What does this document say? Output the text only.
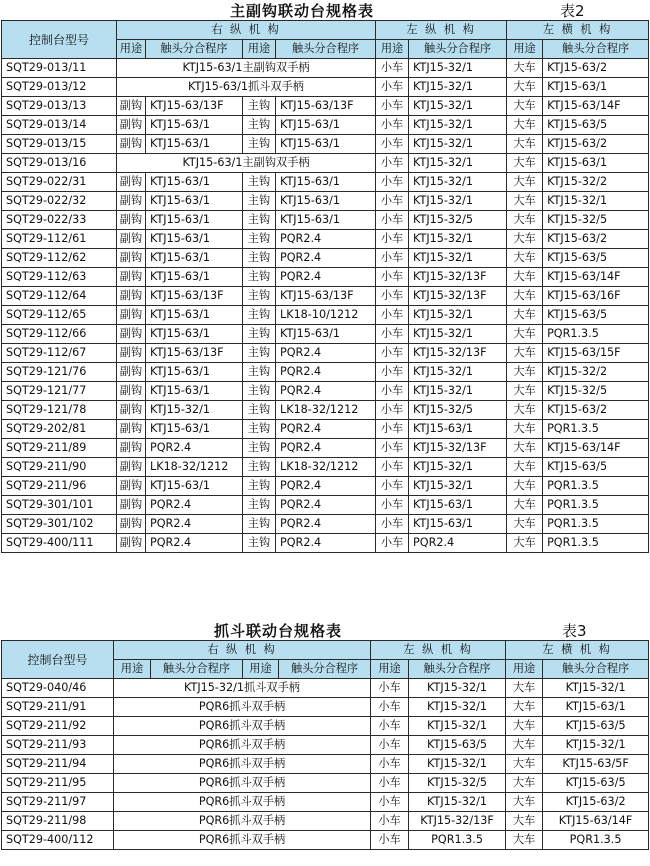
主副钩联动台规格表	表2
控制台型号	右 纵 机 构				左 纵 机 构		左 横 机 构	
	用途	触头分合程序	用途	触头分合程序	用途	触头分合程序	用途	触头分合程序
SQT29-013/11	KTJ15-63/1主副钩双手柄				小车	KTJ15-32/1	大车	KTJ15-63/2
SQT29-013/12	KTJ15-63/1抓斗双手柄				小车	KTJ15-32/1	大车	KTJ15-63/1
SQT29-013/13	副钩	KTJ15-63/13F	主钩	KTJ15-63/13F	小车	KTJ15-32/1	大车	KTJ15-63/14F
SQT29-013/14	副钩	KTJ15-63/1	主钩	KTJ15-63/1	小车	KTJ15-32/1	大车	KTJ15-63/5
SQT29-013/15	副钩	KTJ15-63/1	主钩	KTJ15-63/1	小车	KTJ15-32/1	大车	KTJ15-63/2
SQT29-013/16	KTJ15-63/1主副钩双手柄				小车	KTJ15-32/1	大车	KTJ15-63/1
SQT29-022/31	副钩	KTJ15-63/1	主钩	KTJ15-63/1	小车	KTJ15-32/1	大车	KTJ15-32/2
SQT29-022/32	副钩	KTJ15-63/1	主钩	KTJ15-63/1	小车	KTJ15-32/1	大车	KTJ15-32/1
SQT29-022/33	副钩	KTJ15-63/1	主钩	KTJ15-63/1	小车	KTJ15-32/5	大车	KTJ15-32/5
SQT29-112/61	副钩	KTJ15-63/1	主钩	PQR2.4	小车	KTJ15-32/1	大车	KTJ15-63/2
SQT29-112/62	副钩	KTJ15-63/1	主钩	PQR2.4	小车	KTJ15-32/1	大车	KTJ15-63/5
SQT29-112/63	副钩	KTJ15-63/1	主钩	PQR2.4	小车	KTJ15-32/13F	大车	KTJ15-63/14F
SQT29-112/64	副钩	KTJ15-63/13F	主钩	KTJ15-63/13F	小车	KTJ15-32/13F	大车	KTJ15-63/16F
SQT29-112/65	副钩	KTJ15-63/1	主钩	LK18-10/1212	小车	KTJ15-32/1	大车	KTJ15-63/5
SQT29-112/66	副钩	KTJ15-63/1	主钩	KTJ15-63/1	小车	KTJ15-32/1	大车	PQR1.3.5
SQT29-112/67	副钩	KTJ15-63/13F	主钩	PQR2.4	小车	KTJ15-32/13F	大车	KTJ15-63/15F
SQT29-121/76	副钩	KTJ15-63/1	主钩	PQR2.4	小车	KTJ15-32/1	大车	KTJ15-32/2
SQT29-121/77	副钩	KTJ15-63/1	主钩	PQR2.4	小车	KTJ15-32/1	大车	KTJ15-32/5
SQT29-121/78	副钩	KTJ15-32/1	主钩	LK18-32/1212	小车	KTJ15-32/5	大车	KTJ15-63/2
SQT29-202/81	副钩	KTJ15-63/1	主钩	PQR2.4	小车	KTJ15-63/1	大车	PQR1.3.5
SQT29-211/89	副钩	PQR2.4	主钩	PQR2.4	小车	KTJ15-32/13F	大车	KTJ15-63/14F
SQT29-211/90	副钩	LK18-32/1212	主钩	LK18-32/1212	小车	KTJ15-32/1	大车	KTJ15-63/5
SQT29-211/96	副钩	KTJ15-63/1	主钩	PQR2.4	小车	KTJ15-32/1	大车	PQR1.3.5
SQT29-301/101	副钩	PQR2.4	主钩	PQR2.4	小车	KTJ15-63/1	大车	PQR1.3.5
SQT29-301/102	副钩	PQR2.4	主钩	PQR2.4	小车	KTJ15-63/1	大车	PQR1.3.5
SQT29-400/111	副钩	PQR2.4	主钩	PQR2.4	小车	PQR2.4	大车	PQR1.3.5
抓斗联动台规格表	表3
控制台型号	右 纵 机 构				左 纵 机 构		左 横 机 构	
	用途	触头分合程序	用途	触头分合程序	用途	触头分合程序	用途	触头分合程序
SQT29-040/46	KTJ15-32/1抓斗双手柄				小车	KTJ15-32/1	大车	KTJ15-32/1
SQT29-211/91	PQR6抓斗双手柄				小车	KTJ15-32/1	大车	KTJ15-63/1
SQT29-211/92	PQR6抓斗双手柄				小车	KTJ15-32/1	大车	KTJ15-63/5
SQT29-211/93	PQR6抓斗双手柄				小车	KTJ15-63/5	大车	KTJ15-32/1
SQT29-211/94	PQR6抓斗双手柄				小车	KTJ15-32/1	大车	KTJ15-63/5F
SQT29-211/95	PQR6抓斗双手柄				小车	KTJ15-32/5	大车	KTJ15-63/5
SQT29-211/97	PQR6抓斗双手柄				小车	KTJ15-32/1	大车	KTJ15-63/2
SQT29-211/98	PQR6抓斗双手柄				小车	KTJ15-32/13F	大车	KTJ15-63/14F
SQT29-400/112	PQR6抓斗双手柄				小车	PQR1.3.5	大车	PQR1.3.5
